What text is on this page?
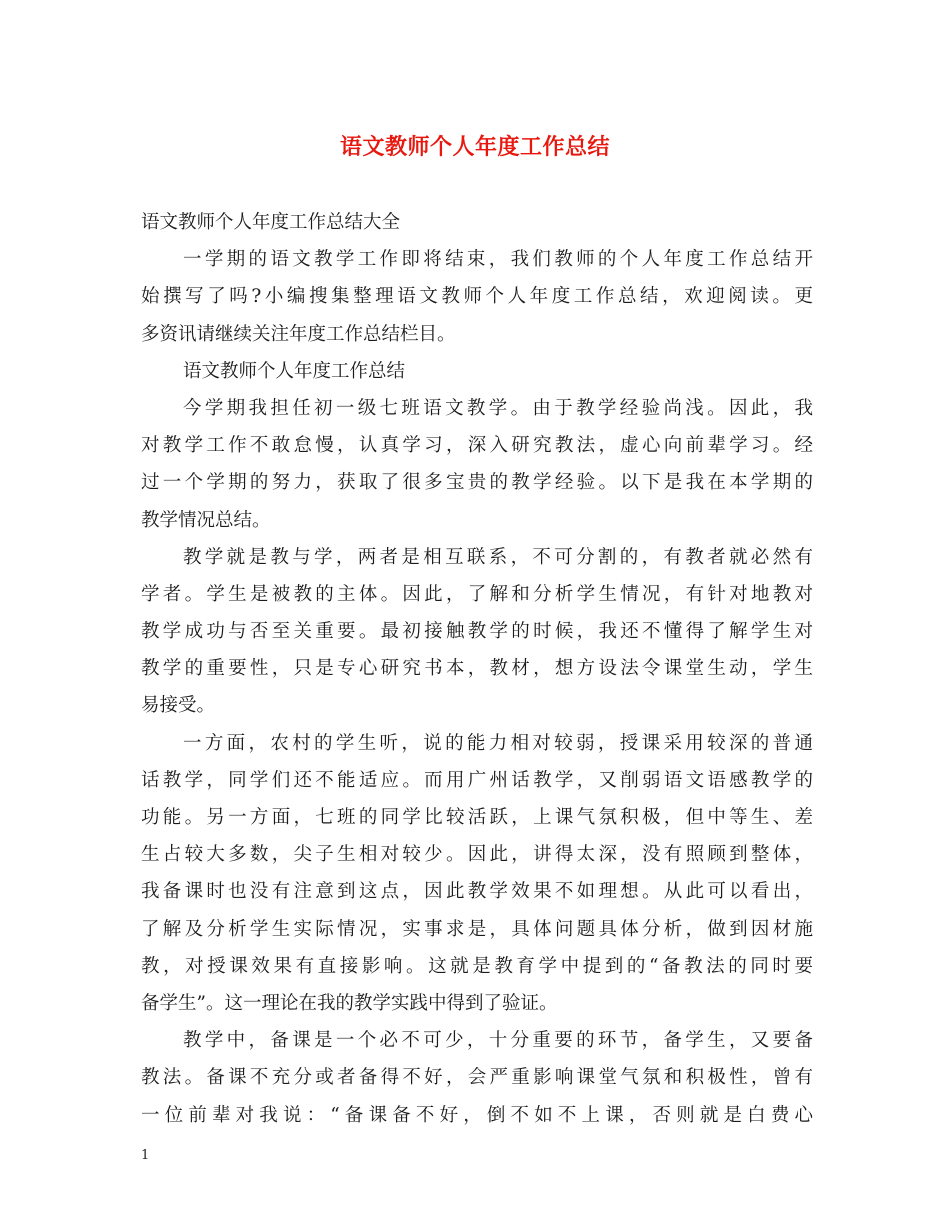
语文教师个人年度工作总结

语文教师个人年度工作总结大全

一学期的语文教学工作即将结束，我们教师的个人年度工作总结开

始撰写了吗?小编搜集整理语文教师个人年度工作总结，欢迎阅读。更

多资讯请继续关注年度工作总结栏目。

语文教师个人年度工作总结

今学期我担任初一级七班语文教学。由于教学经验尚浅。因此，我

对教学工作不敢怠慢，认真学习，深入研究教法，虚心向前辈学习。经

过一个学期的努力，获取了很多宝贵的教学经验。以下是我在本学期的

教学情况总结。

教学就是教与学，两者是相互联系，不可分割的，有教者就必然有

学者。学生是被教的主体。因此，了解和分析学生情况，有针对地教对

教学成功与否至关重要。最初接触教学的时候，我还不懂得了解学生对

教学的重要性，只是专心研究书本，教材，想方设法令课堂生动，学生

易接受。

一方面，农村的学生听，说的能力相对较弱，授课采用较深的普通

话教学，同学们还不能适应。而用广州话教学，又削弱语文语感教学的

功能。另一方面，七班的同学比较活跃，上课气氛积极，但中等生、差

生占较大多数，尖子生相对较少。因此，讲得太深，没有照顾到整体，

我备课时也没有注意到这点，因此教学效果不如理想。从此可以看出，

了解及分析学生实际情况，实事求是，具体问题具体分析，做到因材施

教，对授课效果有直接影响。这就是教育学中提到的“备教法的同时要

备学生”。这一理论在我的教学实践中得到了验证。

教学中，备课是一个必不可少，十分重要的环节，备学生，又要备

教法。备课不充分或者备得不好，会严重影响课堂气氛和积极性，曾有

一位前辈对我说：“备课备不好，倒不如不上课，否则就是白费心

1
